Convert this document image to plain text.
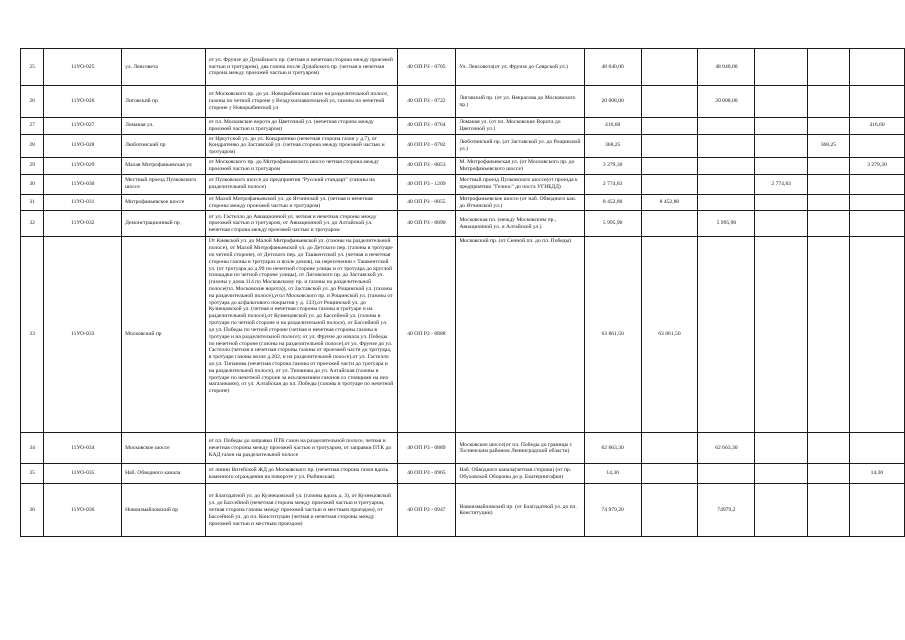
25	11УО-025	ул. Ленсовета	от ул. Фрунзе до Дунайского пр. (четная и нечетная сторона между проезжей частью и тротуаром), два газона после Дунайского пр. (четная и нечетная сторона между проезжей частью и тротуаром)	40 ОП РЗ - 0705	Ул. Ленсовета(от ул. Фрунзе до Севрской ул.)	48 040,00		48 040,00			

26	11УО-026	Лиговский пр	от Московского пр. до ул. Новорыбинская газон на разделительной полосе, газоны по четной стороне у Воздухоплавательной ул, газоны по нечетной стороне у Новорыбинской ул	40 ОП РЗ - 0722	Лиговский пр. (от ул. Некрасова до Московского пр.)	20 008,00		20 008,00			

27	11УО-027	Ломаная ул.	от пл. Московские ворота до Цветочной ул. (нечетная сторона между проезжей частью и тротуаром)	40 ОП РЗ - 0764	Ломаная ул. (от пл. Московские Ворота до Цветочной ул.)	416,60					416,60

28	11УО-028	Люботинский пр	от Иркутской ул. до ул. Кондратенко (нечетная сторона газон у д.7), от Кондратенко до Заставской ул. (четная сторона между проезжей частью и тротуаром)	40 ОП РЗ - 0782	Люботинский пр. (от Заставской ул. до Рощинской ул.)	368,25				368,25	

29	11УО-029	Малая Митрофаньевская ул	от Московского пр. до Митрофаньевского шоссе четная сторона между проезжей частью и тротуаром	40 ОП РЗ - 0853	М. Митрофаньевская ул. (от Московского пр. до Митрофаньевского шоссе)	3 279,30					3 279,30

30	11УО-030	Местный проезд Пулковского шоссе	от Пулковского шоссе до предприятия "Русский стандарт" (газоны на разделительной полосе)	40 ОП РЗ - 1209	Местный проезд Пулковского шоссе(от проезда к предприятию "Гелиос" до поста УГИБДД)	2 774,83			2 774,83		

31	11УО-031	Митрофаньевское шоссе	от Малой Митрофаньевской ул. до Ятчинской ул. (четная и нечетная стороны между проезжей частью и тротуаром)	40 ОП РЗ - 0855	Митрофаньевское шоссе (от наб. Обводного кан. до Ятчинской ул.)	8 452,80	8 452,80				

32	11УО-032	Демонстрационный пр	от ул. Гастелло до Авиационной ул. четная и нечетная стороны между проезжей частью и тротуаром, от Авиационной ул. до Алтайской ул. нечетная сторона между проезжей частью и тротуаром	40 ОП РЗ - 0890	Московская пл. (между Московским пр., Авиационной ул. и Алтайской ул.)	5 995,90		5 995,90			

33	11УО-033	Московский пр	От Киевской ул. до Малой Митрофаньевской ул. (газоны на разделительной полосе), от Малой Митрофаньевской ул. до Детского пер. (газоны в тротуаре по четной стороне), от Детского пер. до Ташкентской ул. (четная и нечетная стороны газоны в тротуарах и возле домов), на пересечении с Ташкентской ул. (от тротуара до д.99 по нечетной стороне улицы и от тротуара до круглой площадки по четной стороне улицы), от Лиговского пр. до Заставской ул. (газоны у дома 114 по Московскому пр. и газоны на разделительной полосе(пл. Московские ворота)), от Заставской ул. до Рощинской ул. (газоны на разделительной полосе),угол Московского пр. и Рощинской ул. (газоны от тротуара до асфальтового покрытия у д. 133),от Рощинской ул. до Кузнецовской ул. (четная и нечетная стороны газоны в тротуаре и на разделительной полосе),от Кузнецовской ул. до Бассейной ул. (газоны в тротуаре по четной стороне и на разделительной полосе), от Бассейной ул. до ул. Победы по четной стороне (четная и нечетная стороны газоны в тротуаре и на разделительной полосе); от ул. Фрунзе до начала ул. Победы по нечетной стороне (газоны на разделительной полосе),от ул. Фрунзе до ул. Гастелло (четная и нечетная стороны газоны от проезжей части до тротуара, в тротуаре газоны возле д.202, и на разделительной полосе),от ул. Гастелло до ул. Типанова (нечетная сторона газоны от проезжей части до тротуара и на разделительной полосе), от ул. Типанова до ул. Алтайская (газоны в тротуаре по нечетной стороне за исключением газонов со стоящими на них магазинами), от ул. Алтайская до пл. Победы (газоны в тротуаре по нечетной стороне)	40 ОП РЗ - 0888	Московский пр. (от Сенной пл. до пл. Победы)	63 861,50	63 861,50				

34	11УО-034	Московское шоссе	от пл. Победы до заправки ПТК газон на разделительной полосе, четная и нечетная стороны между проезжей частью и тротуаром, от заправки ПТК до КАД газон на разделительной полосе	40 ОП РЗ - 0889	Московское шоссе(от пл. Победы до границы с Тосненским районом Ленинградской области)	62 663,30		62 663,30			

35	11УО-035	Наб. Обводного канала	от линии Витебской ЖД до Московского пр. (нечетная сторона газон вдоль каменного ограждения на повороте у ул. Рыбинская)	40 ОП РЗ - 0965	Наб. Обводного канала(четная сторона) (от пр. Обуховской Обороны до р. Екатерингофки)	14,30					14,30

36	11УО-036	Новоизмайловский пр	от Благодатной ул. до Кузнецовской ул. (газоны вдоль д. 3), от Кузнецовской ул. до Бассейной (нечетная сторона между проезжей частью и тротуаром, четная сторона газоны между проезжей частью и местным проездом), от Бассейной ул. до пл. Конституции (четная и нечетная стороны между проезжей частью и местным проездом)	40 ОП РЗ - 0947	Новоизмайловский пр. (от Благодатной ул. до пл. Конституции)	74 979,20		74979,2			
